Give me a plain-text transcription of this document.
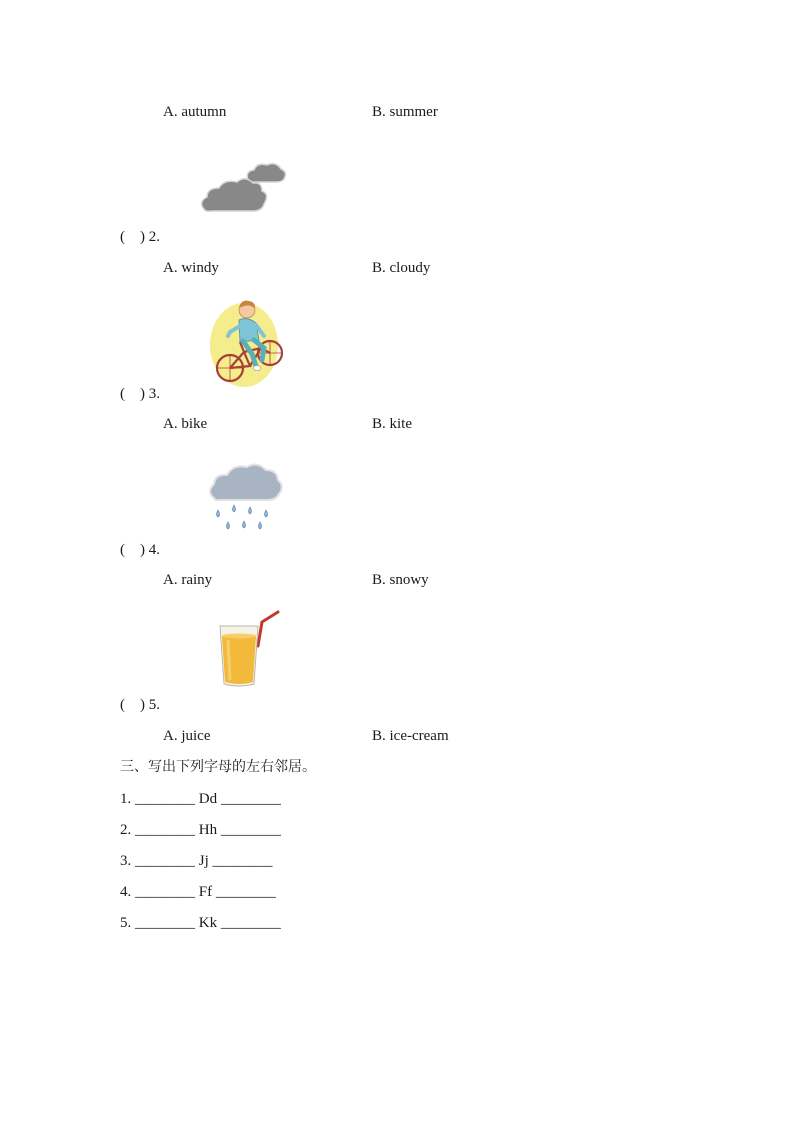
A. autumn	B. summer
(    ) 2.
A. windy	B. cloudy
(    ) 3.
A. bike	B. kite
(    ) 4.
A. rainy	B. snowy
(    ) 5.
A. juice	B. ice-cream
三、写出下列字母的左右邻居。
1. ________ Dd ________
2. ________ Hh ________
3. ________ Jj ________
4. ________ Ff ________
5. ________ Kk ________
